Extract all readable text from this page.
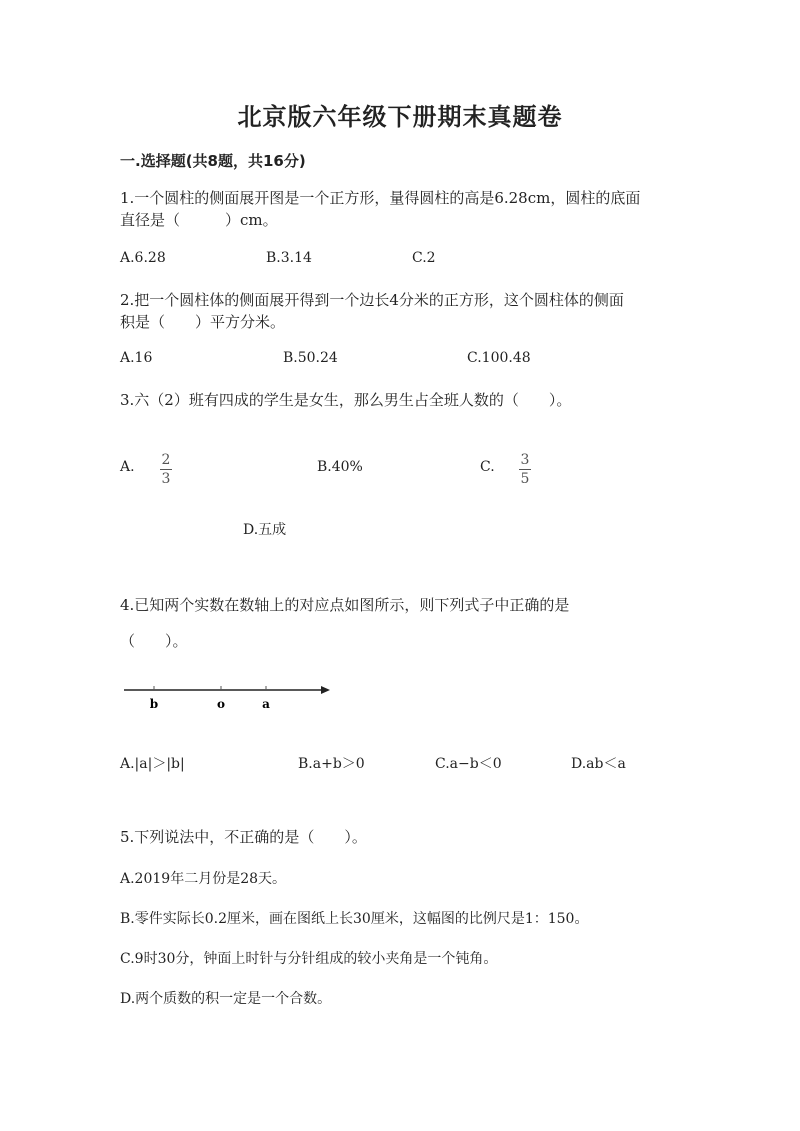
北京版六年级下册期末真题卷
一.选择题(共8题，共16分)
1.一个圆柱的侧面展开图是一个正方形，量得圆柱的高是6.28cm，圆柱的底面
直径是（　　　）cm。
A.6.28	B.3.14	C.2
2.把一个圆柱体的侧面展开得到一个边长4分米的正方形，这个圆柱体的侧面
积是（　　）平方分米。
A.16	B.50.24	C.100.48
3.六（2）班有四成的学生是女生，那么男生占全班人数的（　　）。
A. 2
3
B.40%	C. 3
5
D.五成
4.已知两个实数在数轴上的对应点如图所示，则下列式子中正确的是
（　　）。
b	o	a
A.|a|＞|b|	B.a+b＞0	C.a−b＜0	D.ab＜a
5.下列说法中，不正确的是（　　）。
A.2019年二月份是28天。
B.零件实际长0.2厘米，画在图纸上长30厘米，这幅图的比例尺是1：150。
C.9时30分，钟面上时针与分针组成的较小夹角是一个钝角。
D.两个质数的积一定是一个合数。
